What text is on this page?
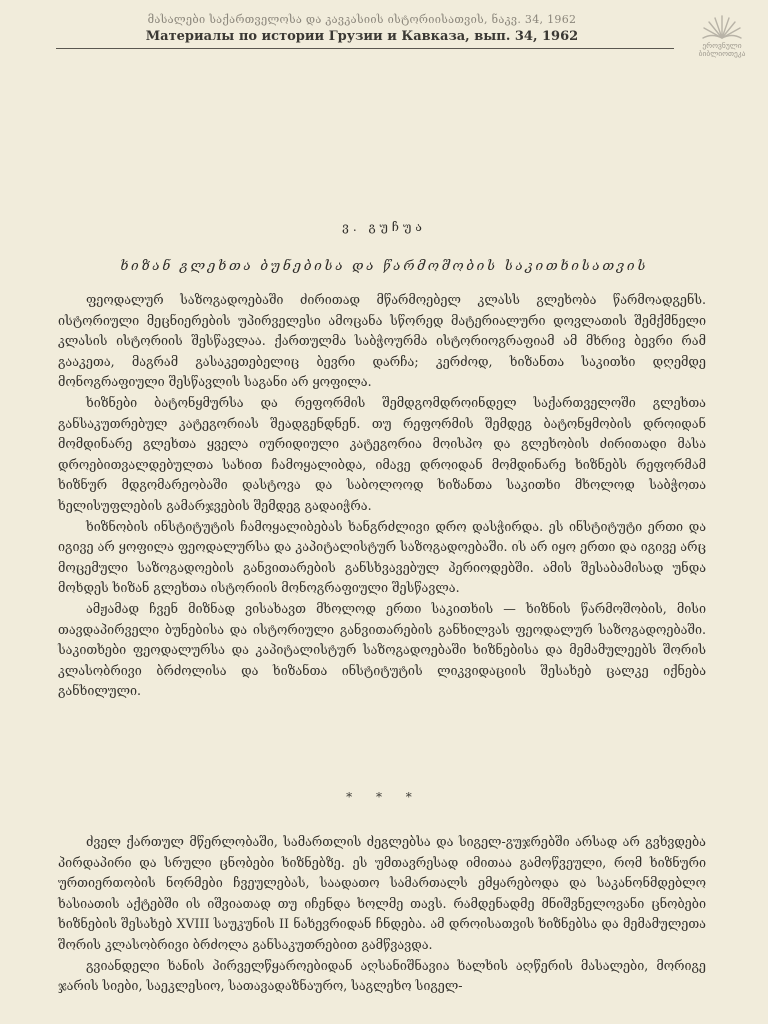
მასალები საქართველოსა და კავკასიის ისტორიისათვის, ნაკვ. 34, 1962
Материалы по истории Грузии и Кавказа, вып. 34, 1962
ეროვნული
ბიბლიოთეკა
ვ. გუჩუა
ხიზან გლეხთა ბუნებისა და წარმოშობის საკითხისათვის

ფეოდალურ საზოგადოებაში ძირითად მწარმოებელ კლასს გლეხობა წარმოადგენს. ისტორიული მეცნიერების უპირველესი ამოცანა სწორედ მატერიალური დოვლათის შემქმნელი კლასის ისტორიის შესწავლაა. ქართულმა საბჭოურმა ისტორიოგრაფიამ ამ მხრივ ბევრი რამ გააკეთა, მაგრამ გასაკეთებელიც ბევრი დარჩა; კერძოდ, ხიზანთა საკითხი დღემდე მონოგრაფიული შესწავლის საგანი არ ყოფილა.

ხიზნები ბატონყმურსა და რეფორმის შემდგომდროინდელ საქართველოში გლეხთა განსაკუთრებულ კატეგორიას შეადგენდნენ. თუ რეფორმის შემდეგ ბატონყმობის დროიდან მომდინარე გლეხთა ყველა იურიდიული კატეგორია მოისპო და გლეხობის ძირითადი მასა დროებითვალდებულთა სახით ჩამოყალიბდა, იმავე დროიდან მომდინარე ხიზნებს რეფორმამ ხიზნურ მდგომარეობაში დასტოვა და საბოლოოდ ხიზანთა საკითხი მხოლოდ საბჭოთა ხელისუფლების გამარჯვების შემდეგ გადაიჭრა.

ხიზნობის ინსტიტუტის ჩამოყალიბებას ხანგრძლივი დრო დასჭირდა. ეს ინსტიტუტი ერთი და იგივე არ ყოფილა ფეოდალურსა და კაპიტალისტურ საზოგადოებაში. ის არ იყო ერთი და იგივე არც მოცემული საზოგადოების განვითარების განსხვავებულ პერიოდებში. ამის შესაბამისად უნდა მოხდეს ხიზან გლეხთა ისტორიის მონოგრაფიული შესწავლა.

ამჟამად ჩვენ მიზნად ვისახავთ მხოლოდ ერთი საკითხის — ხიზნის წარმოშობის, მისი თავდაპირველი ბუნებისა და ისტორიული განვითარების განხილვას ფეოდალურ საზოგადოებაში. საკითხები ფეოდალურსა და კაპიტალისტურ საზოგადოებაში ხიზნებისა და მემამულეებს შორის კლასობრივი ბრძოლისა და ხიზანთა ინსტიტუტის ლიკვიდაციის შესახებ ცალკე იქნება განხილული.

* * *

ძველ ქართულ მწერლობაში, სამართლის ძეგლებსა და სიგელ-გუჯრებში არსად არ გვხვდება პირდაპირი და სრული ცნობები ხიზნებზე. ეს უმთავრესად იმითაა გამოწვეული, რომ ხიზნური ურთიერთობის ნორმები ჩვეულებას, საადათო სამართალს ემყარებოდა და საკანონმდებლო ხასიათის აქტებში ის იშვიათად თუ იჩენდა ხოლმე თავს. რამდენადმე მნიშვნელოვანი ცნობები ხიზნების შესახებ XVIII საუკუნის II ნახევრიდან ჩნდება. ამ დროისათვის ხიზნებსა და მემამულეთა შორის კლასობრივი ბრძოლა განსაკუთრებით გამწვავდა.

გვიანდელი ხანის პირველწყაროებიდან აღსანიშნავია ხალხის აღწერის მასალები, მორიგე ჯარის სიები, საეკლესიო, სათავადაზნაურო, საგლეხო სიგელ-
